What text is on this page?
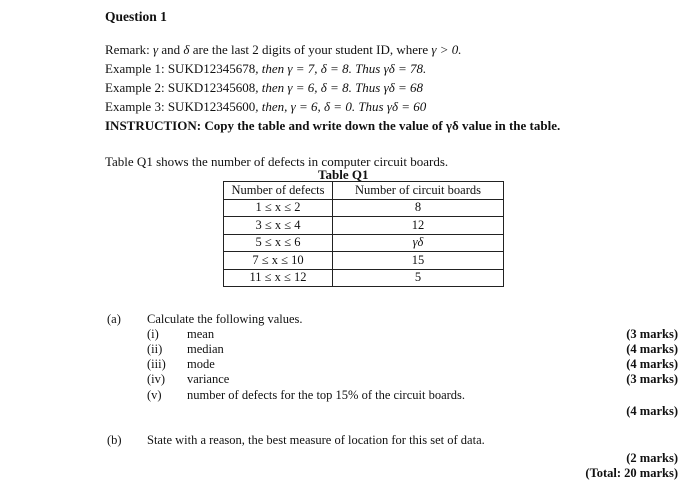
Question 1
Remark: γ and δ are the last 2 digits of your student ID, where γ > 0.
Example 1: SUKD12345678, then γ = 7, δ = 8. Thus γδ = 78.
Example 2: SUKD12345608, then γ = 6, δ = 8. Thus γδ = 68
Example 3: SUKD12345600, then, γ = 6, δ = 0. Thus γδ = 60
INSTRUCTION: Copy the table and write down the value of γδ value in the table.
Table Q1 shows the number of defects in computer circuit boards.
Table Q1
Number of defects	Number of circuit boards
1 ≤ x ≤ 2	8
3 ≤ x ≤ 4	12
5 ≤ x ≤ 6	γδ
7 ≤ x ≤ 10	15
11 ≤ x ≤ 12	5
(a) Calculate the following values.
(i) mean	(3 marks)
(ii) median	(4 marks)
(iii) mode	(4 marks)
(iv) variance	(3 marks)
(v) number of defects for the top 15% of the circuit boards.
(4 marks)
(b) State with a reason, the best measure of location for this set of data.
(2 marks)
(Total: 20 marks)
